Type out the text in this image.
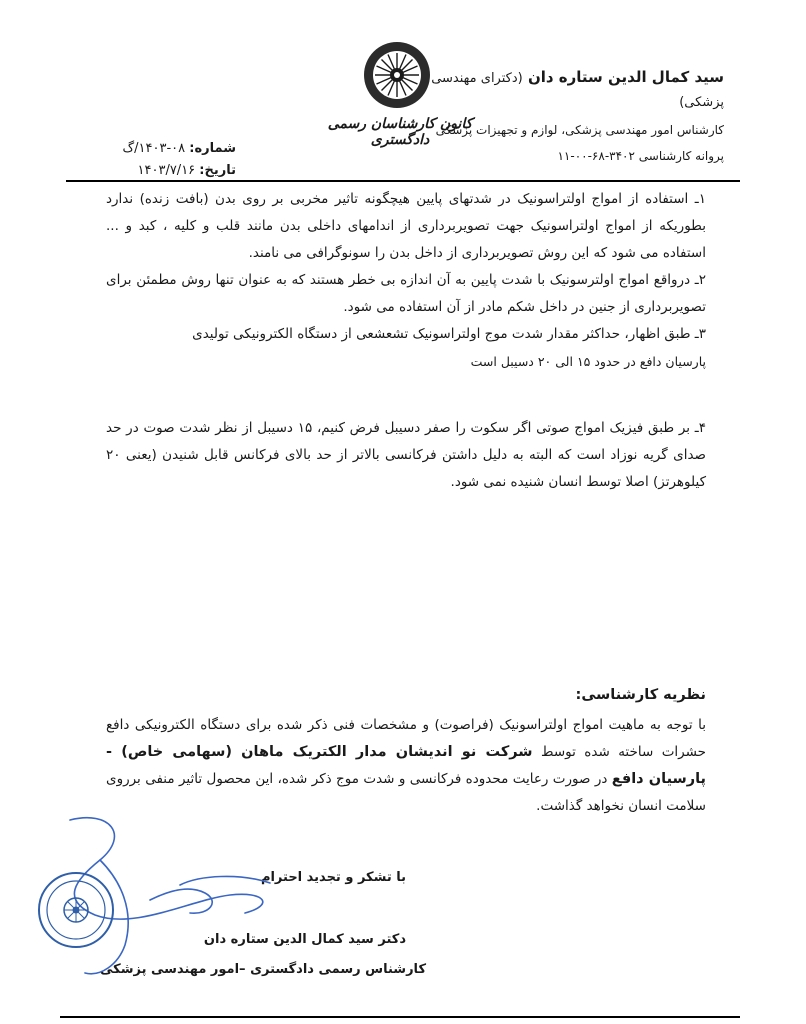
سید کمال الدین ستاره دان (دکترای مهندسی پزشکی)

کارشناس امور مهندسی پزشکی، لوازم و تجهیزات پزشکی

پروانه کارشناسی ۳۴۰۲-۶۸-۰۰-۱۱

کانون کارشناسان رسمی دادگستری
شماره: ۰۸-۱۴۰۳/گ
تاریخ: ۱۴۰۳/۷/۱۶

۱ـ استفاده از امواج اولتراسونیک در شدتهای پایین هیچگونه تاثیر مخربی بر روی بدن (بافت زنده) ندارد بطوریکه از امواج اولتراسونیک جهت تصویربرداری از اندامهای داخلی بدن مانند قلب و کلیه ، کبد و ... استفاده می شود که این روش تصویربرداری از داخل بدن را سونوگرافی می نامند.

۲ـ درواقع امواج اولترسونیک با شدت پایین به آن اندازه بی خطر هستند که به عنوان تنها روش مطمئن برای تصویربرداری از جنین در داخل شکم مادر از آن استفاده می شود.

۳ـ طبق اظهار، حداکثر مقدار شدت موج اولتراسونیک تشعشعی از دستگاه الکترونیکی تولیدی
پارسیان دافع در حدود ۱۵ الی ۲۰ دسیبل است

۴ـ بر طبق فیزیک امواج صوتی اگر سکوت را صفر دسیبل فرض کنیم، ۱۵ دسیبل از نظر شدت صوت در حد صدای گریه نوزاد است که البته به دلیل داشتن فرکانسی بالاتر از حد بالای فرکانس قابل شنیدن (یعنی ۲۰ کیلوهرتز) اصلا توسط انسان شنیده نمی شود.

نظریه کارشناسی:

با توجه به ماهیت امواج اولتراسونیک (فراصوت) و مشخصات فنی ذکر شده برای دستگاه الکترونیکی دافع حشرات ساخته شده توسط شرکت نو اندیشان مدار الکتریک ماهان (سهامی خاص) - پارسیان دافع در صورت رعایت محدوده فرکانسی و شدت موج ذکر شده، این محصول تاثیر منفی برروی سلامت انسان نخواهد گذاشت.

با تشکر و تجدید احترام
دکتر سید کمال الدین ستاره دان
کارشناس رسمی دادگستری –امور مهندسی پزشکی
